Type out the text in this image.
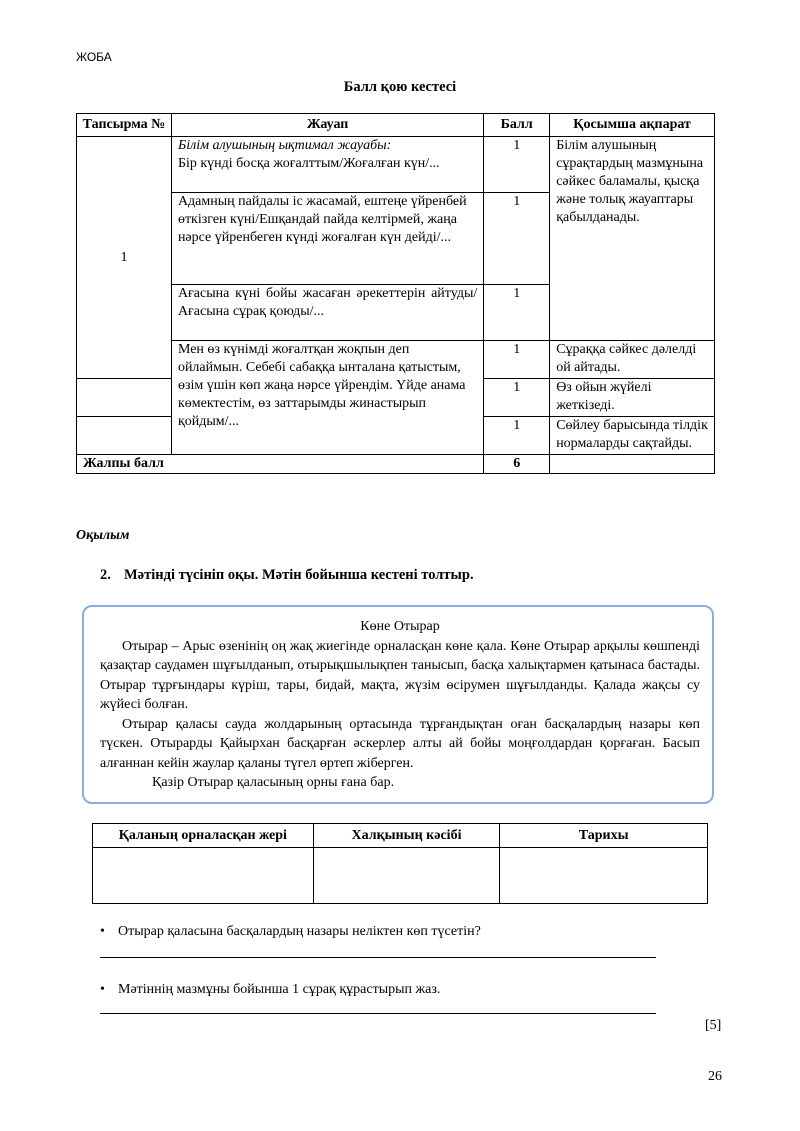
ЖОБА
Балл қою кестесі
Тапсырма №	Жауап	Балл	Қосымша ақпарат
1	Білім алушының ықтимал жауабы:
Бір күнді босқа жоғалттым/Жоғалған күн/...	1	Білім алушының сұрақтардың мазмұнына сәйкес баламалы, қысқа және толық жауаптары қабылданады.
	Адамның пайдалы іс жасамай, ештеңе үйренбей өткізген күні/Ешқандай пайда келтірмей, жаңа нәрсе үйренбеген күнді жоғалған күн дейді/...	1	
	Ағасына күні бойы жасаған әрекеттерін айтуды/ Ағасына сұрақ қоюды/...	1	
	Мен өз күнімді жоғалтқан жоқпын деп ойлаймын. Себебі сабаққа ынталана қатыстым, өзім үшін көп жаңа нәрсе үйрендім. Үйде анама көмектестім, өз заттарымды жинастырып қойдым/...	1	Сұраққа сәйкес дәлелді ой айтады.
		1	Өз ойын жүйелі жеткізеді.
		1	Сөйлеу барысында тілдік нормаларды сақтайды.
Жалпы балл		6	
Оқылым
2. Мәтінді түсініп оқы. Мәтін бойынша кестені толтыр.
Көне Отырар

Отырар – Арыс өзенінің оң жақ жиегінде орналасқан көне қала. Көне Отырар арқылы көшпенді қазақтар саудамен шұғылданып, отырықшылықпен танысып, басқа халықтармен қатынаса бастады. Отырар тұрғындары күріш, тары, бидай, мақта, жүзім өсірумен шұғылданды. Қалада жақсы су жүйесі болған.

Отырар қаласы сауда жолдарының ортасында тұрғандықтан оған басқалардың назары көп түскен. Отырарды Қайырхан басқарған әскерлер алты ай бойы моңғолдардан қорғаған. Басып алғаннан кейін жаулар қаланы түгел өртеп жіберген.

Қазір Отырар қаласының орны ғана бар.

Қаланың орналасқан жері	Халқының кәсібі	Тарихы

• Отырар қаласына басқалардың назары неліктен көп түсетін?
• Мәтіннің мазмұны бойынша 1 сұрақ құрастырып жаз.
[5]
26
